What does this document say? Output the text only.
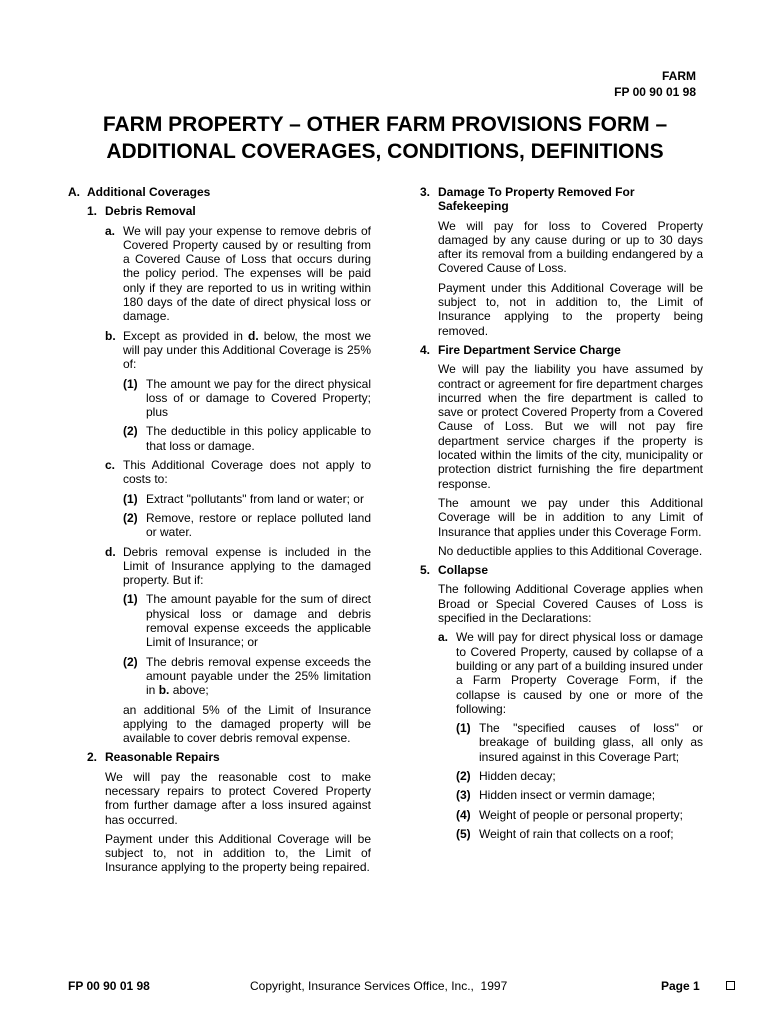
FARM
FP 00 90 01 98
FARM PROPERTY – OTHER FARM PROVISIONS FORM –
ADDITIONAL COVERAGES, CONDITIONS, DEFINITIONS
A. Additional Coverages
1. Debris Removal
a. We will pay your expense to remove debris of Covered Property caused by or resulting from a Covered Cause of Loss that occurs during the policy period. The expenses will be paid only if they are reported to us in writing within 180 days of the date of direct physical loss or damage.
b. Except as provided in d. below, the most we will pay under this Additional Coverage is 25% of:
(1) The amount we pay for the direct physical loss of or damage to Covered Property; plus
(2) The deductible in this policy applicable to that loss or damage.
c. This Additional Coverage does not apply to costs to:
(1) Extract "pollutants" from land or water; or
(2) Remove, restore or replace polluted land or water.
d. Debris removal expense is included in the Limit of Insurance applying to the damaged property. But if:
(1) The amount payable for the sum of direct physical loss or damage and debris removal expense exceeds the applicable Limit of Insurance; or
(2) The debris removal expense exceeds the amount payable under the 25% limitation in b. above;

an additional 5% of the Limit of Insurance applying to the damaged property will be available to cover debris removal expense.

2. Reasonable Repairs

We will pay the reasonable cost to make necessary repairs to protect Covered Property from further damage after a loss insured against has occurred.

Payment under this Additional Coverage will be subject to, not in addition to, the Limit of Insurance applying to the property being repaired.

3. Damage To Property Removed For Safekeeping

We will pay for loss to Covered Property damaged by any cause during or up to 30 days after its removal from a building endangered by a Covered Cause of Loss.

Payment under this Additional Coverage will be subject to, not in addition to, the Limit of Insurance applying to the property being removed.

4. Fire Department Service Charge

We will pay the liability you have assumed by contract or agreement for fire department charges incurred when the fire department is called to save or protect Covered Property from a Covered Cause of Loss. But we will not pay fire department service charges if the property is located within the limits of the city, municipality or protection district furnishing the fire department response.

The amount we pay under this Additional Coverage will be in addition to any Limit of Insurance that applies under this Coverage Form.

No deductible applies to this Additional Coverage.

5. Collapse

The following Additional Coverage applies when Broad or Special Covered Causes of Loss is specified in the Declarations:

a. We will pay for direct physical loss or damage to Covered Property, caused by collapse of a building or any part of a building insured under a Farm Property Coverage Form, if the collapse is caused by one or more of the following:
(1) The "specified causes of loss" or breakage of building glass, all only as insured against in this Coverage Part;
(2) Hidden decay;
(3) Hidden insect or vermin damage;
(4) Weight of people or personal property;
(5) Weight of rain that collects on a roof;
FP 00 90 01 98	Copyright, Insurance Services Office, Inc.,  1997	Page 1
